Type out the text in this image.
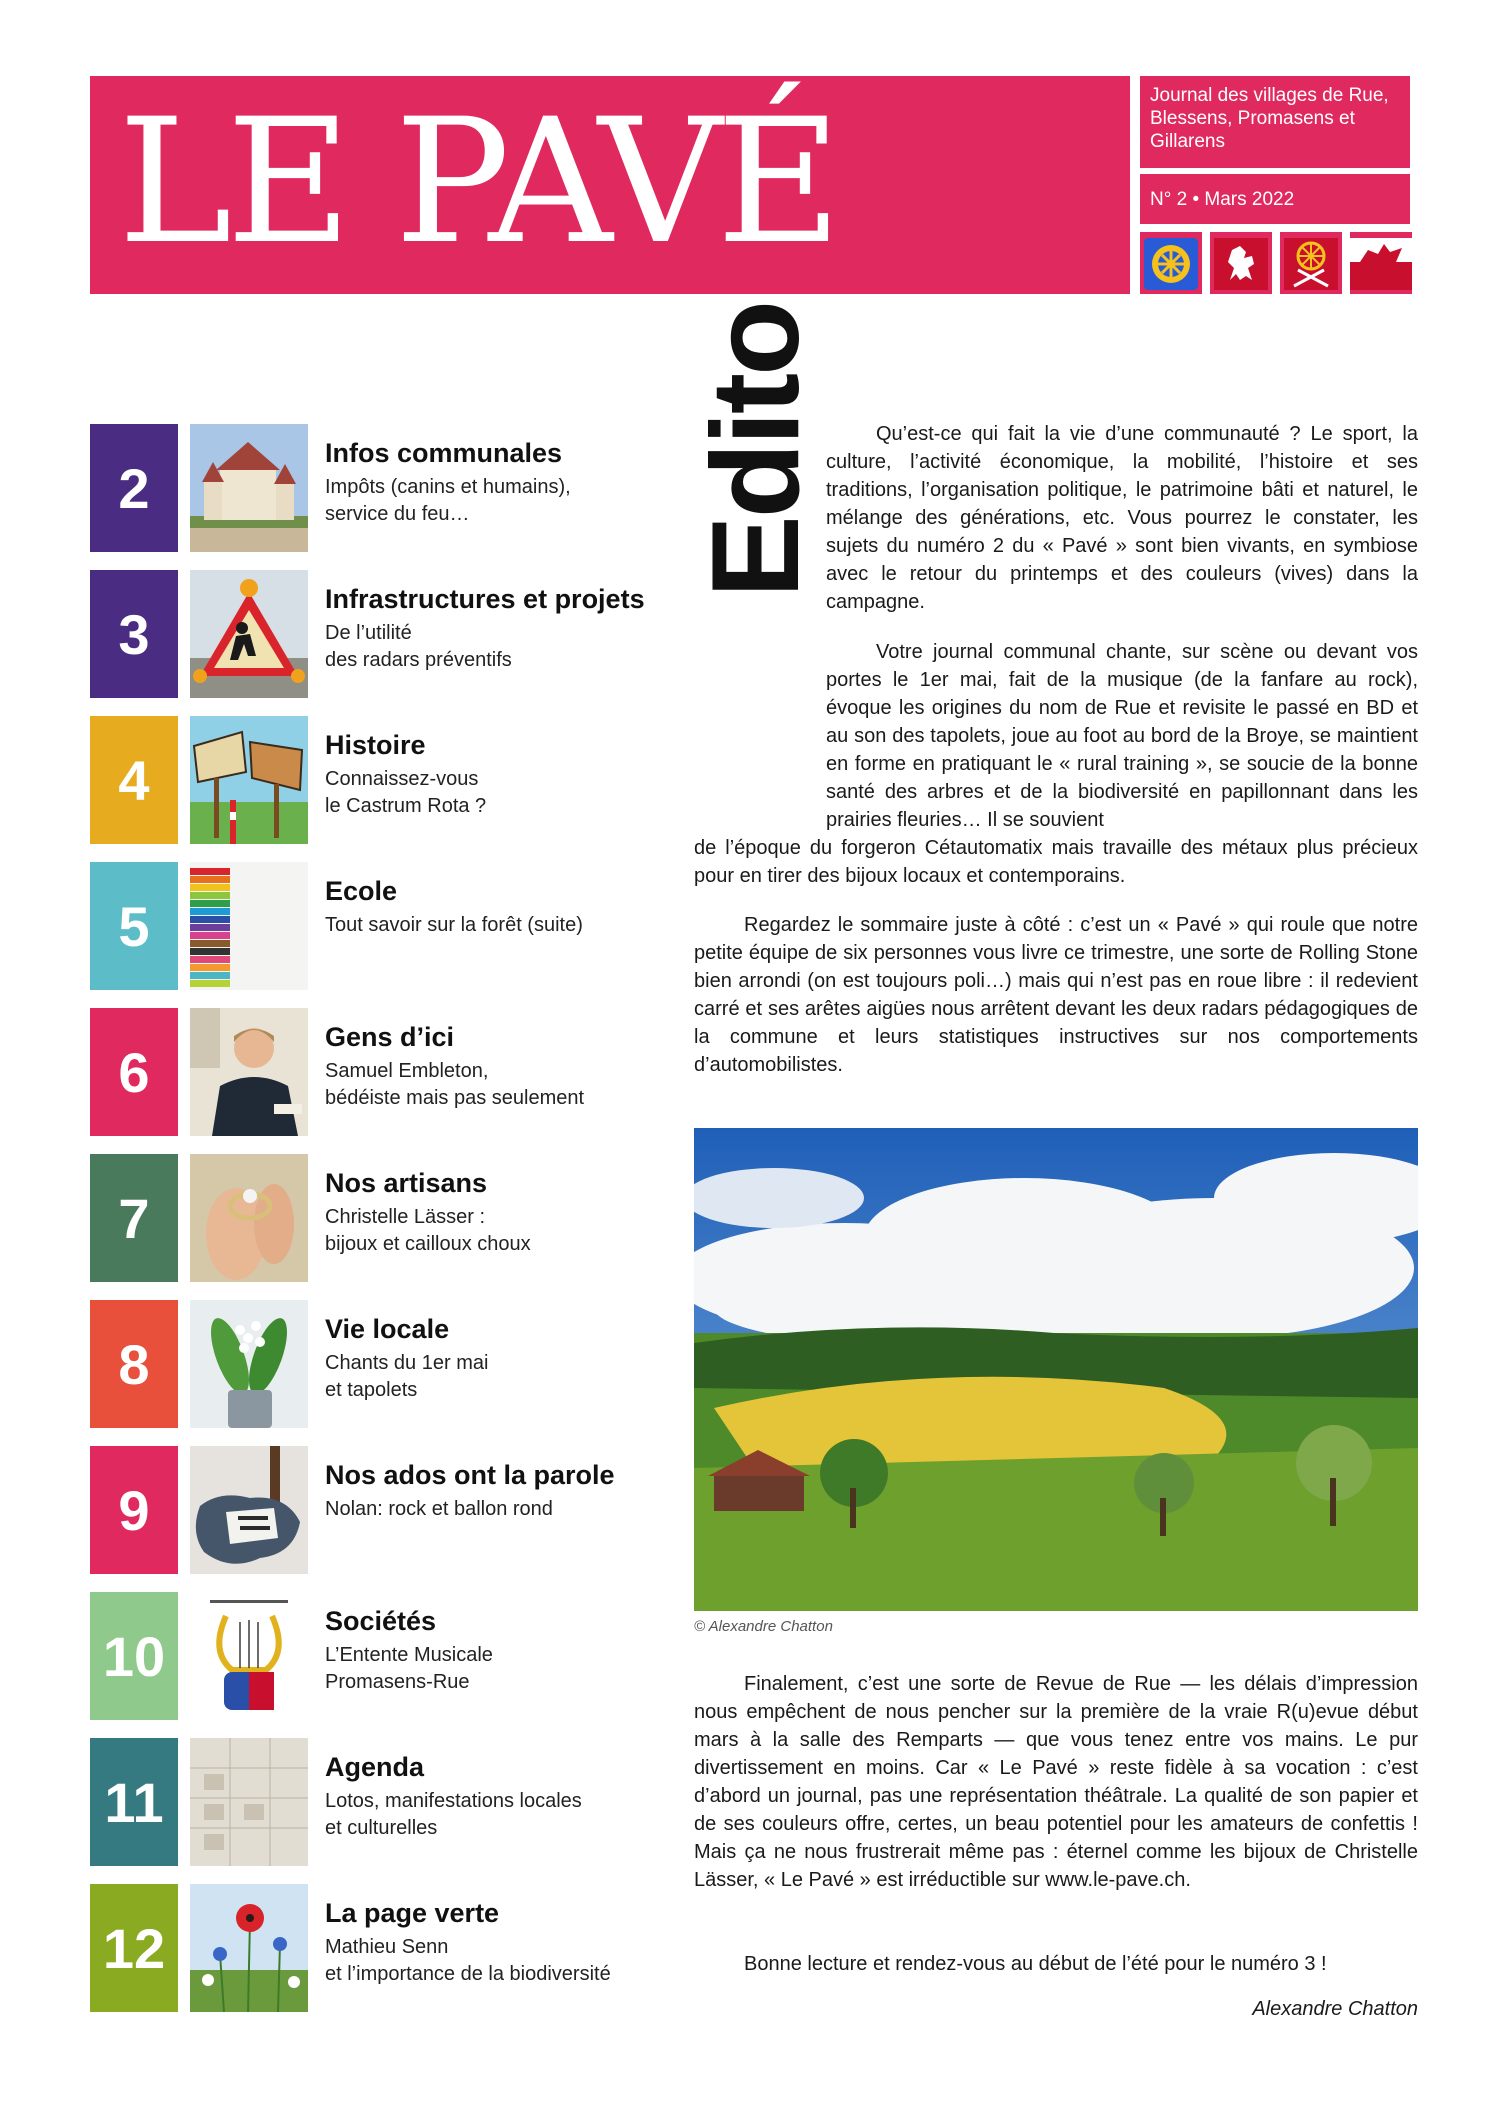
LE PAVÉ	Journal des villages de Rue, Blessens, Promasens et Gillarens
N° 2 • Mars 2022
2
Infos communales
Impôts (canins et humains),
service du feu…
3
Infrastructures et projets
De l’utilité
des radars préventifs
4
Histoire
Connaissez-vous
le Castrum Rota ?
5
Ecole
Tout savoir sur la forêt (suite)
6
Gens d’ici
Samuel Embleton,
bédéiste mais pas seulement
7
Nos artisans
Christelle Lässer :
bijoux et cailloux choux
8
Vie locale
Chants du 1er mai
et tapolets
9
Nos ados ont la parole
Nolan: rock et ballon rond
10
Sociétés
L’Entente Musicale
Promasens-Rue
11
Agenda
Lotos, manifestations locales
et culturelles
12
La page verte
Mathieu Senn
et l’importance de la biodiversité
Edito	Qu’est-ce qui fait la vie d’une communauté ? Le sport, la culture, l’activité économique, la mobilité, l’histoire et ses traditions, l’organisation politique, le patrimoine bâti et naturel, le mélange des générations, etc. Vous pourrez le constater, les sujets du numéro 2 du « Pavé » sont bien vivants, en symbiose avec le retour du printemps et des couleurs (vives) dans la campagne.

Votre journal communal chante, sur scène ou devant vos portes le 1er mai, fait de la musique (de la fanfare au rock), évoque les origines du nom de Rue et revisite le passé en BD et au son des tapolets, joue au foot au bord de la Broye, se maintient en forme en pratiquant le « rural training », se soucie de la bonne santé des arbres et de la biodiversité en papillonnant dans les prairies fleuries… Il se souvient

de l’époque du forgeron Cétautomatix mais travaille des métaux plus précieux pour en tirer des bijoux locaux et contemporains.

Regardez le sommaire juste à côté : c’est un « Pavé » qui roule que notre petite équipe de six personnes vous livre ce trimestre, une sorte de Rolling Stone bien arrondi (on est toujours poli…) mais qui n’est pas en roue libre : il redevient carré et ses arêtes aigües nous arrêtent devant les deux radars pédagogiques de la commune et leurs statistiques instructives sur nos comportements d’automobilistes.

© Alexandre Chatton

Finalement, c’est une sorte de Revue de Rue — les délais d’impression nous empêchent de nous pencher sur la première de la vraie R(u)evue début mars à la salle des Remparts — que vous tenez entre vos mains. Le pur divertissement en moins. Car « Le Pavé » reste fidèle à sa vocation : c’est d’abord un journal, pas une représentation théâtrale. La qualité de son papier et de ses couleurs offre, certes, un beau potentiel pour les amateurs de confettis ! Mais ça ne nous frustrerait même pas : éternel comme les bijoux de Christelle Lässer, « Le Pavé » est irréductible sur www.le-pave.ch.

Bonne lecture et rendez-vous au début de l’été pour le numéro 3 !

Alexandre Chatton
